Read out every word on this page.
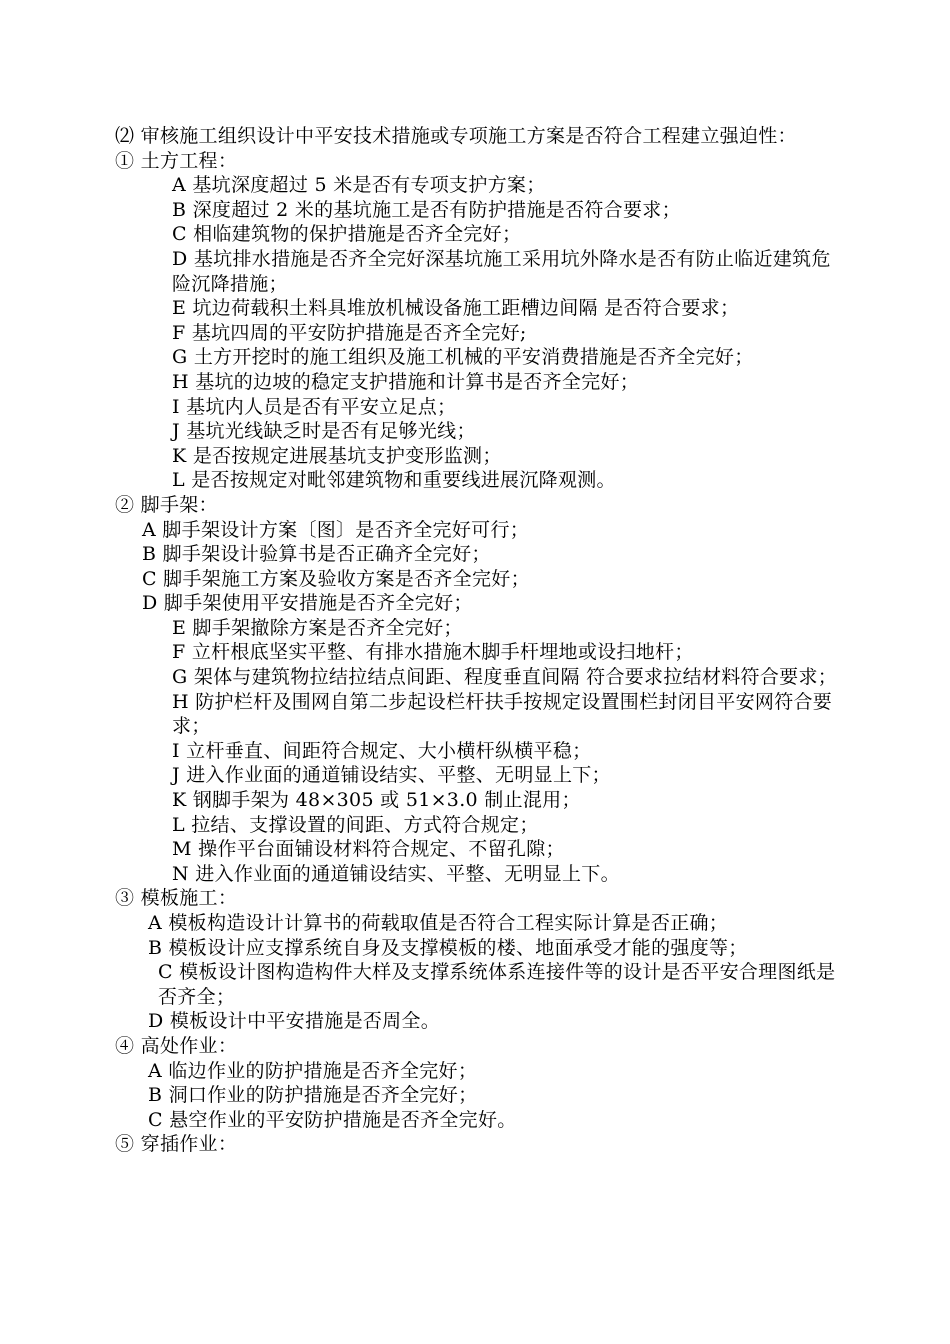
⑵ 审核施工组织设计中平安技术措施或专项施工方案是否符合工程建立强迫性：

① 土方工程：

A 基坑深度超过 5 米是否有专项支护方案；

B 深度超过 2 米的基坑施工是否有防护措施是否符合要求；

C 相临建筑物的保护措施是否齐全完好；

D 基坑排水措施是否齐全完好深基坑施工采用坑外降水是否有防止临近建筑危险沉降措施；

E 坑边荷载积土料具堆放机械设备施工距槽边间隔 是否符合要求；

F 基坑四周的平安防护措施是否齐全完好;

G 土方开挖时的施工组织及施工机械的平安消费措施是否齐全完好；

H 基坑的边坡的稳定支护措施和计算书是否齐全完好；

I 基坑内人员是否有平安立足点；

J 基坑光线缺乏时是否有足够光线；

K 是否按规定进展基坑支护变形监测；

L 是否按规定对毗邻建筑物和重要线进展沉降观测。

② 脚手架：

A 脚手架设计方案〔图〕是否齐全完好可行；

B 脚手架设计验算书是否正确齐全完好；

C 脚手架施工方案及验收方案是否齐全完好；

D 脚手架使用平安措施是否齐全完好；

E 脚手架撤除方案是否齐全完好；

F 立杆根底坚实平整、有排水措施木脚手杆埋地或设扫地杆；

G 架体与建筑物拉结拉结点间距、程度垂直间隔 符合要求拉结材料符合要求；

H 防护栏杆及围网自第二步起设栏杆扶手按规定设置围栏封闭目平安网符合要求；

I 立杆垂直、间距符合规定、大小横杆纵横平稳；

J 进入作业面的通道铺设结实、平整、无明显上下；

K 钢脚手架为 48×305 或 51×3.0 制止混用；

L 拉结、支撑设置的间距、方式符合规定；

M 操作平台面铺设材料符合规定、不留孔隙；

N 进入作业面的通道铺设结实、平整、无明显上下。

③ 模板施工：

A 模板构造设计计算书的荷载取值是否符合工程实际计算是否正确；

B 模板设计应支撑系统自身及支撑模板的楼、地面承受才能的强度等；

C 模板设计图构造构件大样及支撑系统体系连接件等的设计是否平安合理图纸是否齐全；

D 模板设计中平安措施是否周全。

④ 高处作业：

A 临边作业的防护措施是否齐全完好；

B 洞口作业的防护措施是否齐全完好；

C 悬空作业的平安防护措施是否齐全完好。

⑤ 穿插作业：
